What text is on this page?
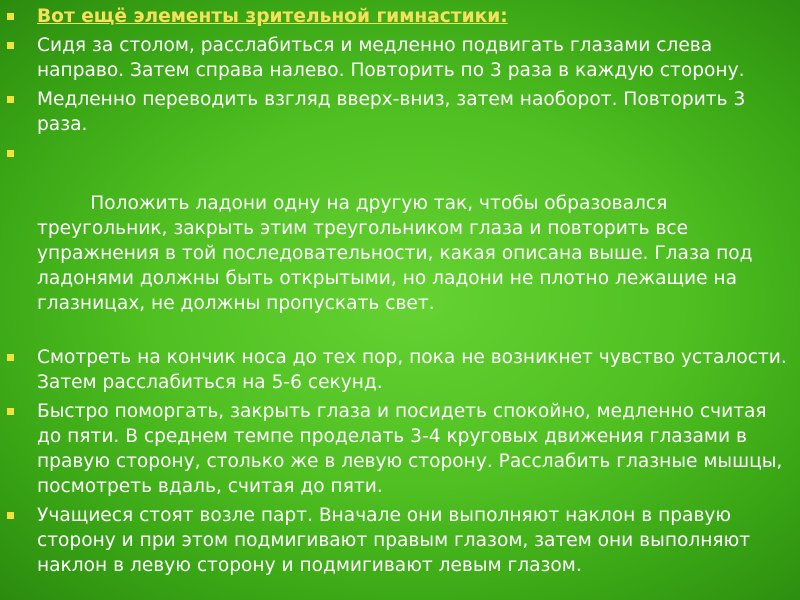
Вот ещё элементы зрительной гимнастики:
Сидя за столом, расслабиться и медленно подвигать глазами слева направо. Затем справа налево. Повторить по 3 раза в каждую сторону.
Медленно переводить взгляд вверх-вниз, затем наоборот. Повторить 3 раза.

Положить ладони одну на другую так, чтобы образовался треугольник, закрыть этим треугольником глаза и повторить все упражнения в той последовательности, какая описана выше. Глаза под ладонями должны быть открытыми, но ладони не плотно лежащие на глазницах, не должны пропускать свет.

Смотреть на кончик носа до тех пор, пока не возникнет чувство усталости. Затем расслабиться на 5-6 секунд.
Быстро поморгать, закрыть глаза и посидеть спокойно, медленно считая до пяти. В среднем темпе проделать 3-4 круговых движения глазами в правую сторону, столько же в левую сторону. Расслабить глазные мышцы, посмотреть вдаль, считая до пяти.
Учащиеся стоят возле парт. Вначале они выполняют наклон в правую сторону и при этом подмигивают правым глазом, затем они выполняют наклон в левую сторону и подмигивают левым глазом.
